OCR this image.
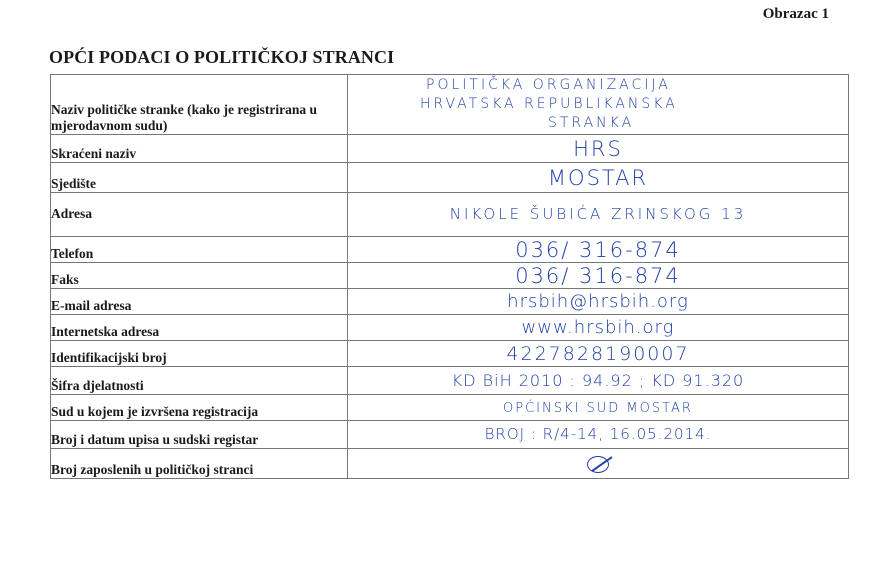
Obrazac 1
OPĆI PODACI O POLITIČKOJ STRANCI
Naziv političke stranke (kako je registrirana u mjerodavnom sudu)	POLITIČKA ORGANIZACIJA
HRVATSKA REPUBLIKANSKA
STRANKA

Skraćeni naziv	HRS
Sjedište	MOSTAR
Adresa	NIKOLE ŠUBIĆA ZRINSKOG 13
Telefon	036/ 316-874
Faks	036/ 316-874
E-mail adresa	hrsbih@hrsbih.org
Internetska adresa	www.hrsbih.org
Identifikacijski broj	4227828190007
Šifra djelatnosti	KD BiH 2010 : 94.92 ; KD 91.320
Sud u kojem je izvršena registracija	OPĆINSKI SUD MOSTAR
Broj i datum upisa u sudski registar	BROJ : R/4-14, 16.05.2014.
Broj zaposlenih u političkoj stranci	
